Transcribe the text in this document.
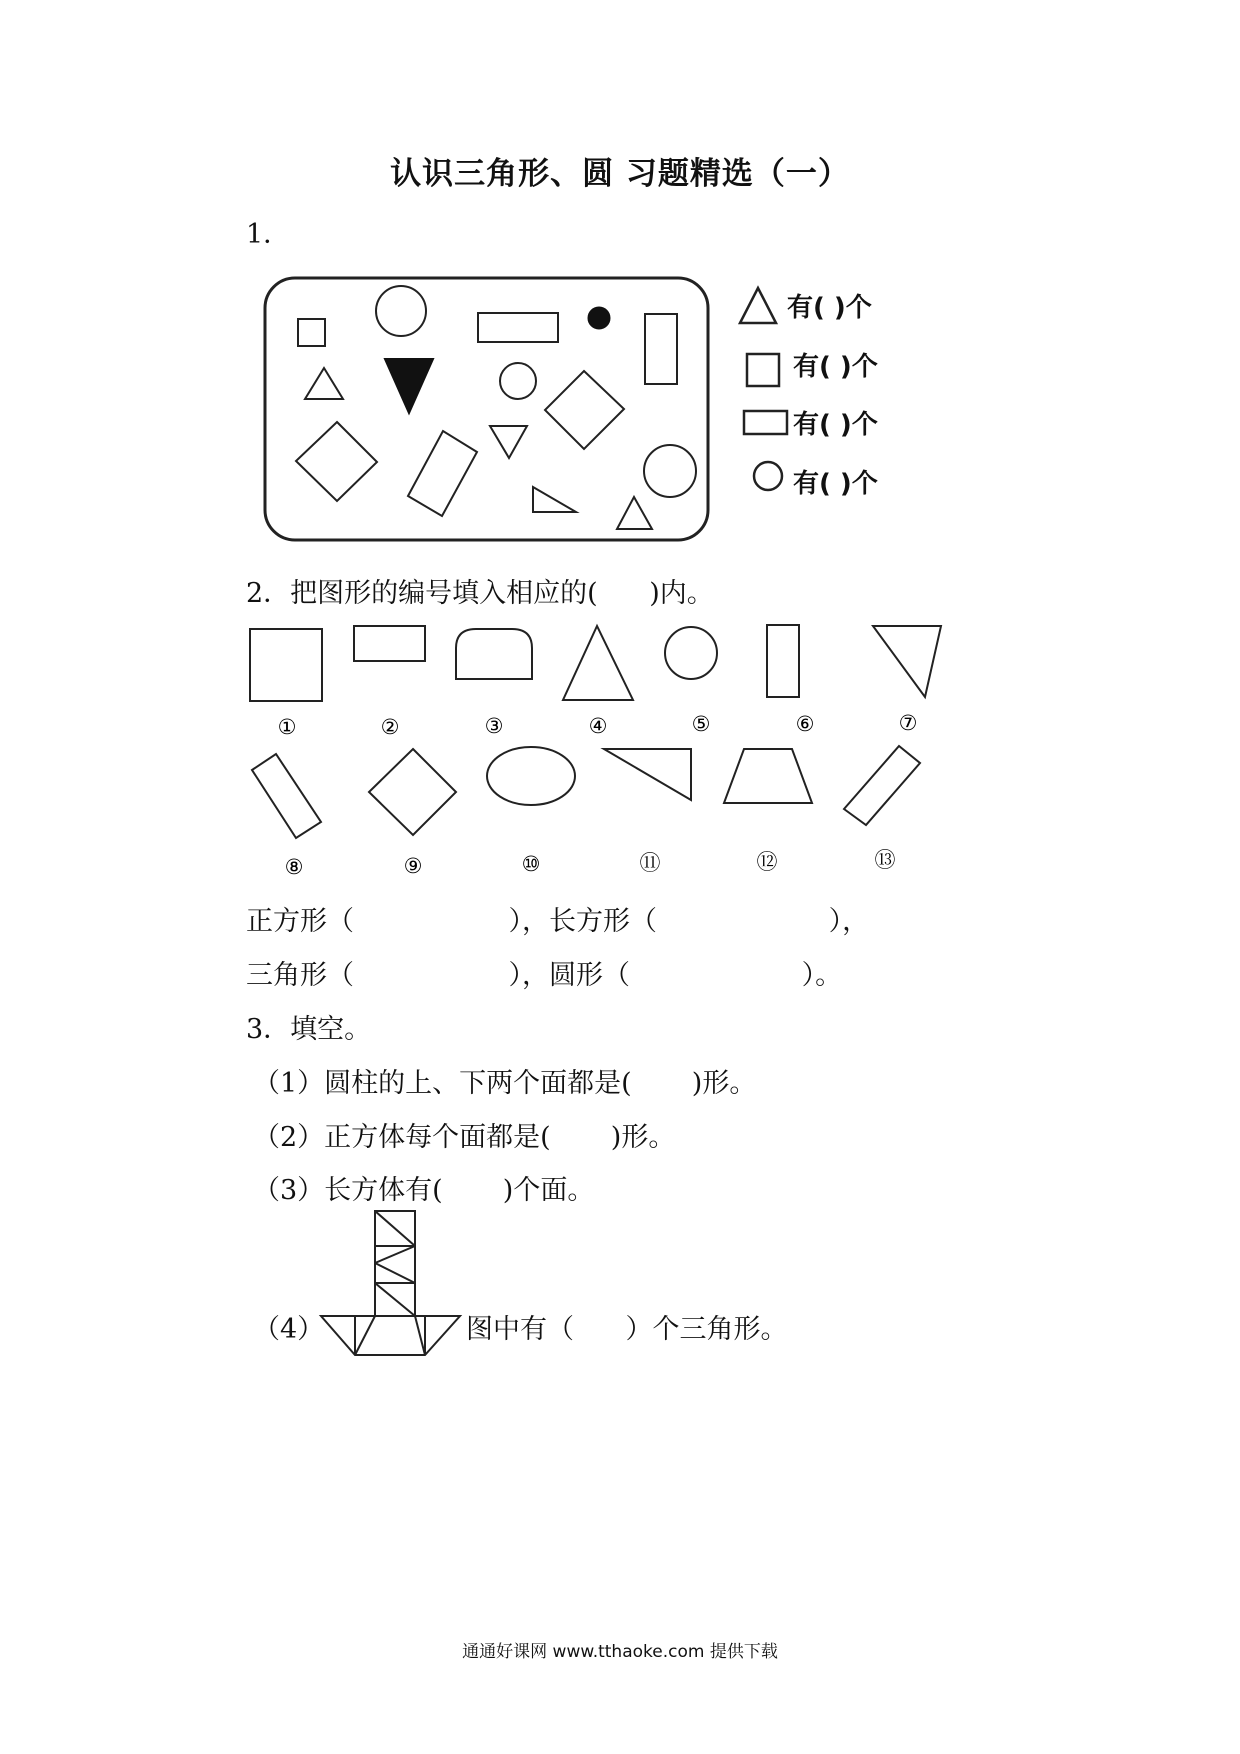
认识三角形、圆 习题精选（一）
1．
有( )个
有( )个
有( )个
有( )个
2．把图形的编号填入相应的(      )内。
①	②	③	④	⑤	⑥	⑦
⑧	⑨	⑩	⑪	⑫	⑬
正方形（                  ），长方形（                    ），
三角形（                  ），圆形（                    ）。
3．填空。
（1）圆柱的上、下两个面都是(       )形。
（2）正方体每个面都是(       )形。
（3）长方体有(       )个面。
（4）	图中有（      ）个三角形。
通通好课网 www.tthaoke.com 提供下载
